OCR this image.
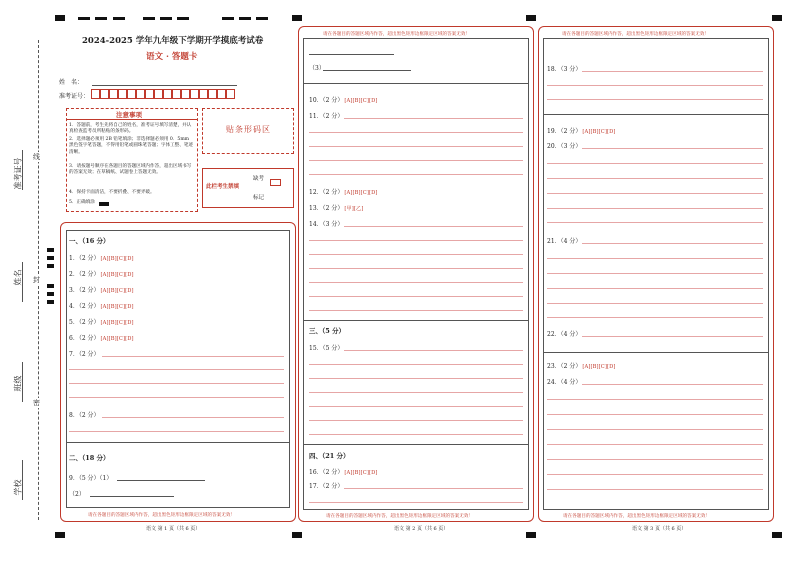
准考证号
线
姓名 封
班级
密
学校
2024-2025 学年九年级下学期开学摸底考试卷
语文 · 答题卡
姓　名：
准考证号：
注意事项
1．答题前，考生先将自己的姓名，准考证号填写清楚，并认真检查监考员所粘贴的条形码。
2．选择题必须用 2B 铅笔填涂；非选择题必须用 0．5mm 黑色签字笔答题，不得用铅笔或圆珠笔答题；字体工整、笔迹清晰。
3．请按题号顺序在各题目的答题区域内作答，超出区域书写的答案无效；在草稿纸、试题卷上答题无效。
4．保持卡面清洁，不要折叠、不要弄破。
5．正确填涂
贴条形码区
此栏考生禁填
缺考
标记
一、（16 分）
1．（2 分）[A][B][C][D]
2．（2 分）[A][B][C][D]
3．（2 分）[A][B][C][D]
4．（2 分）[A][B][C][D]
5．（2 分）[A][B][C][D]
6．（2 分）[A][B][C][D]
7．（2 分）
8．（2 分）
二、（18 分）
9．（5 分）（1）
（2）
请在各题目的答题区域内作答，超出黑色矩形边框限定区域的答案无效！
语文 第 1 页（共 6 页）
请在各题目的答题区域内作答，超出黑色矩形边框限定区域的答案无效！
（3）
10．（2 分）[A][B][C][D]
11．（2 分）
12．（2 分）[A][B][C][D]
13．（2 分）[甲][乙]
14．（3 分）
三、（5 分）
15．（5 分）
四、（21 分）
16．（2 分）[A][B][C][D]
17．（2 分）
请在各题目的答题区域内作答，超出黑色矩形边框限定区域的答案无效！
语文 第 2 页（共 6 页）
请在各题目的答题区域内作答，超出黑色矩形边框限定区域的答案无效！
18．（3 分）
19．（2 分）[A][B][C][D]
20．（3 分）
21．（4 分）
22．（4 分）
23．（2 分）[A][B][C][D]
24．（4 分）
请在各题目的答题区域内作答，超出黑色矩形边框限定区域的答案无效！
语文 第 3 页（共 6 页）
